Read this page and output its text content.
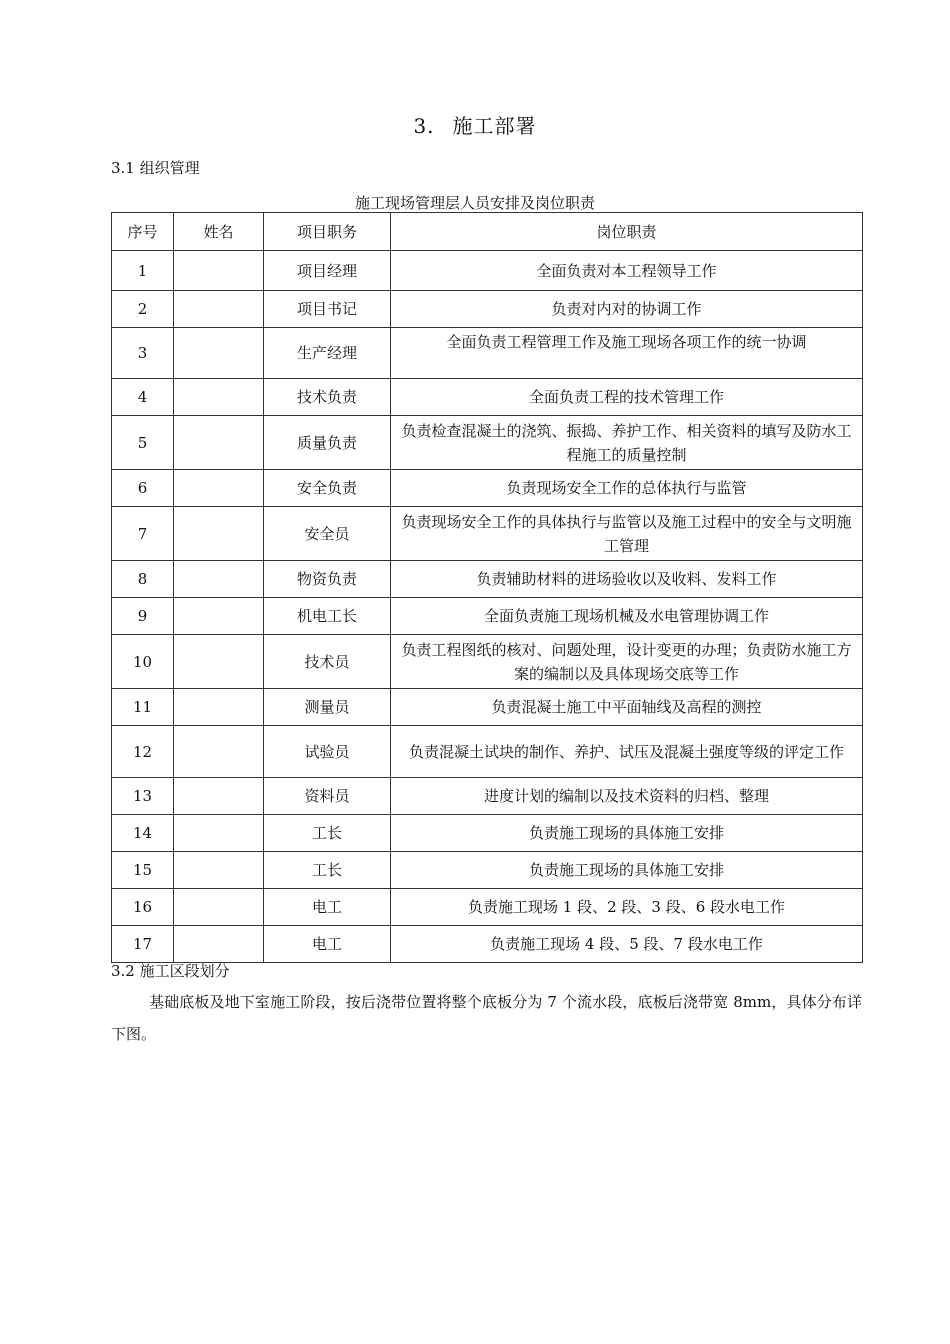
3. 施工部署
3.1 组织管理
施工现场管理层人员安排及岗位职责
序号	姓名	项目职务	岗位职责
1		项目经理	全面负责对本工程领导工作
2		项目书记	负责对内对的协调工作
3		生产经理	全面负责工程管理工作及施工现场各项工作的统一协调
4		技术负责	全面负责工程的技术管理工作
5		质量负责	负责检查混凝土的浇筑、振捣、养护工作、相关资料的填写及防水工程施工的质量控制
6		安全负责	负责现场安全工作的总体执行与监管
7		安全员	负责现场安全工作的具体执行与监管以及施工过程中的安全与文明施工管理
8		物资负责	负责辅助材料的进场验收以及收料、发料工作
9		机电工长	全面负责施工现场机械及水电管理协调工作
10		技术员	负责工程图纸的核对、问题处理，设计变更的办理；负责防水施工方案的编制以及具体现场交底等工作
11		测量员	负责混凝土施工中平面轴线及高程的测控
12		试验员	负责混凝土试块的制作、养护、试压及混凝土强度等级的评定工作
13		资料员	进度计划的编制以及技术资料的归档、整理
14		工长	负责施工现场的具体施工安排
15		工长	负责施工现场的具体施工安排
16		电工	负责施工现场 1 段、2 段、3 段、6 段水电工作
17		电工	负责施工现场 4 段、5 段、7 段水电工作
3.2 施工区段划分
基础底板及地下室施工阶段，按后浇带位置将整个底板分为 7 个流水段，底板后浇带宽 8mm，具体分布详下图。
